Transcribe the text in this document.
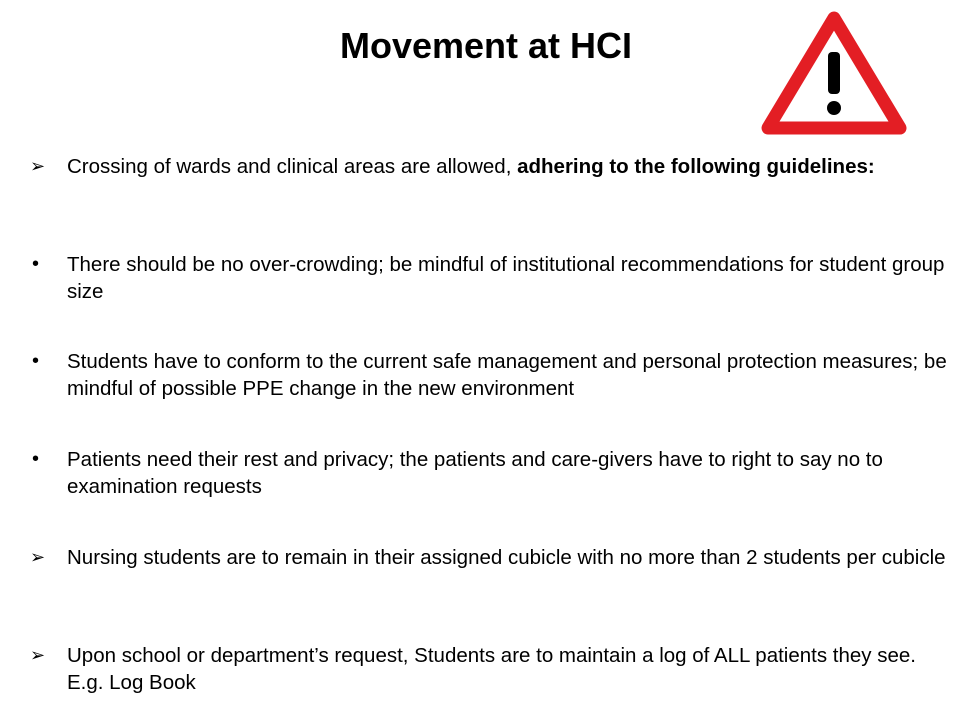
Movement at HCI
➢	Crossing of wards and clinical areas are allowed, adhering to the following guidelines:
•	There should be no over-crowding; be mindful of institutional recommendations for student group size
•	Students have to conform to the current safe management and personal protection measures; be mindful of possible PPE change in the new environment
•	Patients need their rest and privacy; the patients and care-givers have to right to say no to examination requests
➢	Nursing students are to remain in their assigned cubicle with no more than 2 students per cubicle
➢	Upon school or department’s request, Students are to maintain a log of ALL patients they see. E.g. Log Book
